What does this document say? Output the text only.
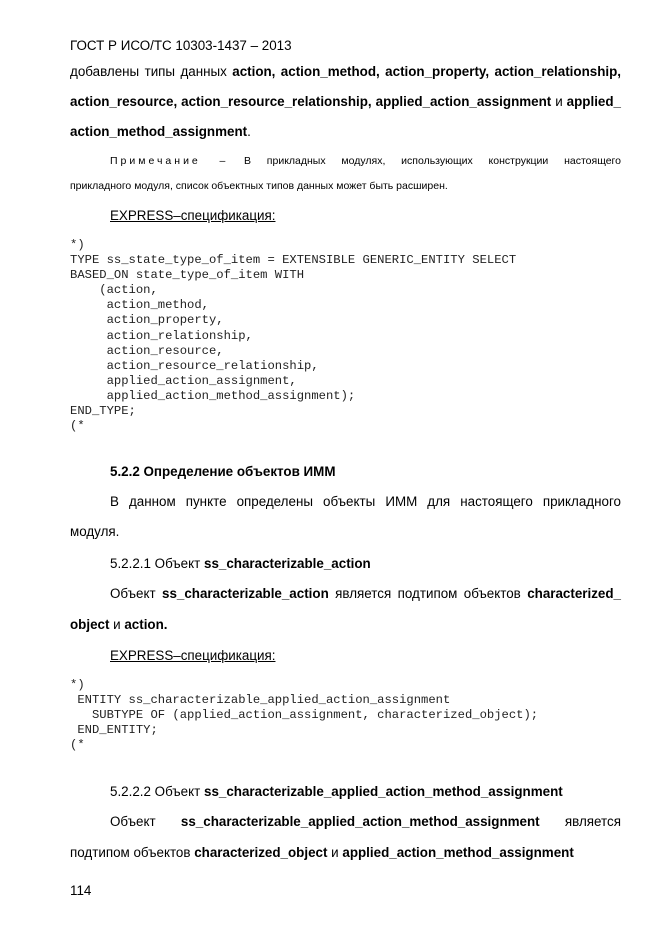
ГОСТ Р ИСО/ТС 10303-1437 – 2013
добавлены типы данных action, action_method, action_property, action_relationship,
action_resource, action_resource_relationship, applied_action_assignment и applied_
action_method_assignment.
Примечание – В прикладных модулях, использующих конструкции настоящего
прикладного модуля, список объектных типов данных может быть расширен.
EXPRESS–спецификация:
*)
TYPE ss_state_type_of_item = EXTENSIBLE GENERIC_ENTITY SELECT
BASED_ON state_type_of_item WITH
(action,
action_method,
action_property,
action_relationship,
action_resource,
action_resource_relationship,
applied_action_assignment,
applied_action_method_assignment);
END_TYPE;
(*
5.2.2 Определение объектов ИММ
В данном пункте определены объекты ИММ для настоящего прикладного
модуля.
5.2.2.1 Объект ss_characterizable_action
Объект ss_characterizable_action является подтипом объектов characterized_
object и action.
EXPRESS–спецификация:
*)
ENTITY ss_characterizable_applied_action_assignment
SUBTYPE OF (applied_action_assignment, characterized_object);
END_ENTITY;
(*
5.2.2.2 Объект ss_characterizable_applied_action_method_assignment
Объект ss_characterizable_applied_action_method_assignment является
подтипом объектов characterized_object и applied_action_method_assignment
114
